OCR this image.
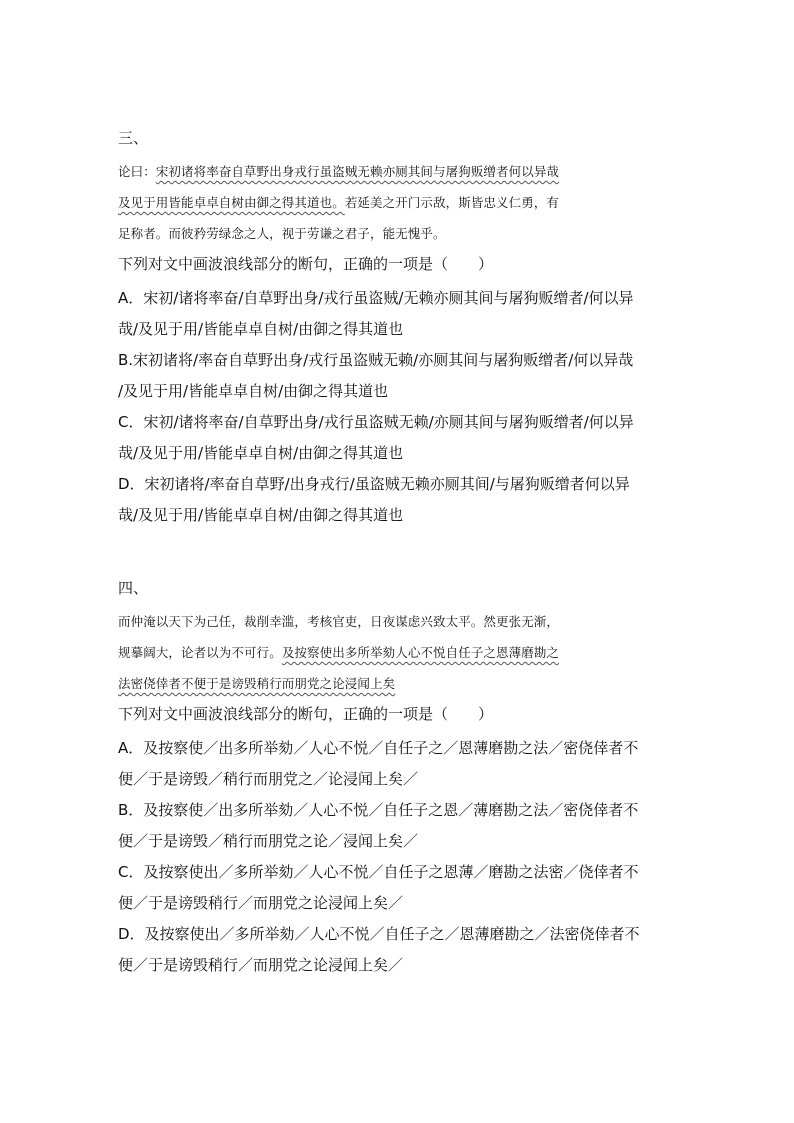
三、

论曰：宋初诸将率奋自草野出身戎行虽盗贼无赖亦厕其间与屠狗贩缯者何以异哉
及见于用皆能卓卓自树由御之得其道也。若延美之开门示敌，斯皆忠义仁勇，有
足称者。而彼矜劳绿念之人，视于劳谦之君子，能无愧乎。

下列对文中画波浪线部分的断句，正确的一项是（　　）

A．宋初/诸将率奋/自草野出身/戎行虽盗贼/无赖亦厕其间与屠狗贩缯者/何以异
哉/及见于用/皆能卓卓自树/由御之得其道也
B.宋初诸将/率奋自草野出身/戎行虽盗贼无赖/亦厕其间与屠狗贩缯者/何以异哉
/及见于用/皆能卓卓自树/由御之得其道也
C．宋初/诸将率奋/自草野出身/戎行虽盗贼无赖/亦厕其间与屠狗贩缯者/何以异
哉/及见于用/皆能卓卓自树/由御之得其道也
D．宋初诸将/率奋自草野/出身戎行/虽盗贼无赖亦厕其间/与屠狗贩缯者何以异
哉/及见于用/皆能卓卓自树/由御之得其道也

四、

而仲淹以天下为己任，裁削幸滥，考核官吏，日夜谋虑兴致太平。然更张无渐，
规摹阔大，论者以为不可行。及按察使出多所举劾人心不悦自任子之恩薄磨勘之
法密侥倖者不便于是谤毁稍行而朋党之论浸闻上矣

下列对文中画波浪线部分的断句，正确的一项是（　　）

A．及按察使／出多所举劾／人心不悦／自任子之／恩薄磨勘之法／密侥倖者不
便／于是谤毁／稍行而朋党之／论浸闻上矣／
B．及按察使／出多所举劾／人心不悦／自任子之恩／薄磨勘之法／密侥倖者不
便／于是谤毁／稍行而朋党之论／浸闻上矣／
C．及按察使出／多所举劾／人心不悦／自任子之恩薄／磨勘之法密／侥倖者不
便／于是谤毁稍行／而朋党之论浸闻上矣／
D．及按察使出／多所举劾／人心不悦／自任子之／恩薄磨勘之／法密侥倖者不
便／于是谤毁稍行／而朋党之论浸闻上矣／
